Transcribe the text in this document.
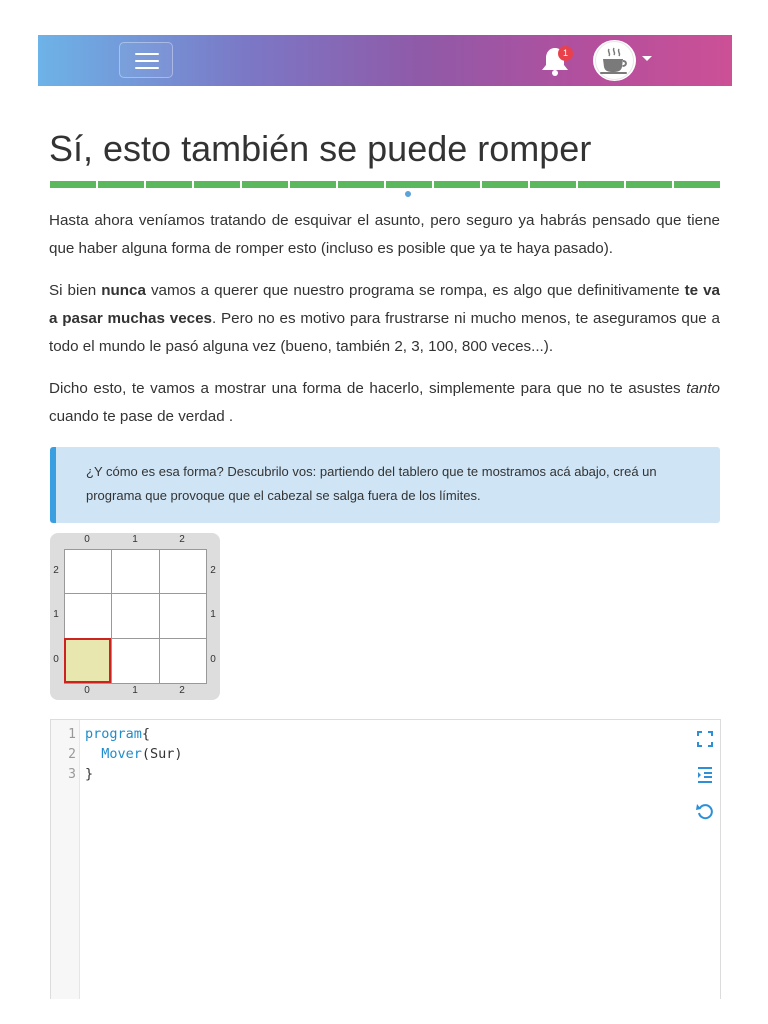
1
Sí, esto también se puede romper

Hasta ahora veníamos tratando de esquivar el asunto, pero seguro ya habrás pensado que tiene que haber alguna forma de romper esto (incluso es posible que ya te haya pasado).

Si bien nunca vamos a querer que nuestro programa se rompa, es algo que definitivamente te va a pasar muchas veces. Pero no es motivo para frustrarse ni mucho menos, te aseguramos que a todo el mundo le pasó alguna vez (bueno, también 2, 3, 100, 800 veces...).

Dicho esto, te vamos a mostrar una forma de hacerlo, simplemente para que no te asustes tanto cuando te pase de verdad .

¿Y cómo es esa forma? Descubrilo vos: partiendo del tablero que te mostramos acá abajo, creá un programa que provoque que el cabezal se salga fuera de los límites.
0	1	2
0	1	2
2
1
0
2
1
0
1
2
3
program{
Mover(Sur)
}
